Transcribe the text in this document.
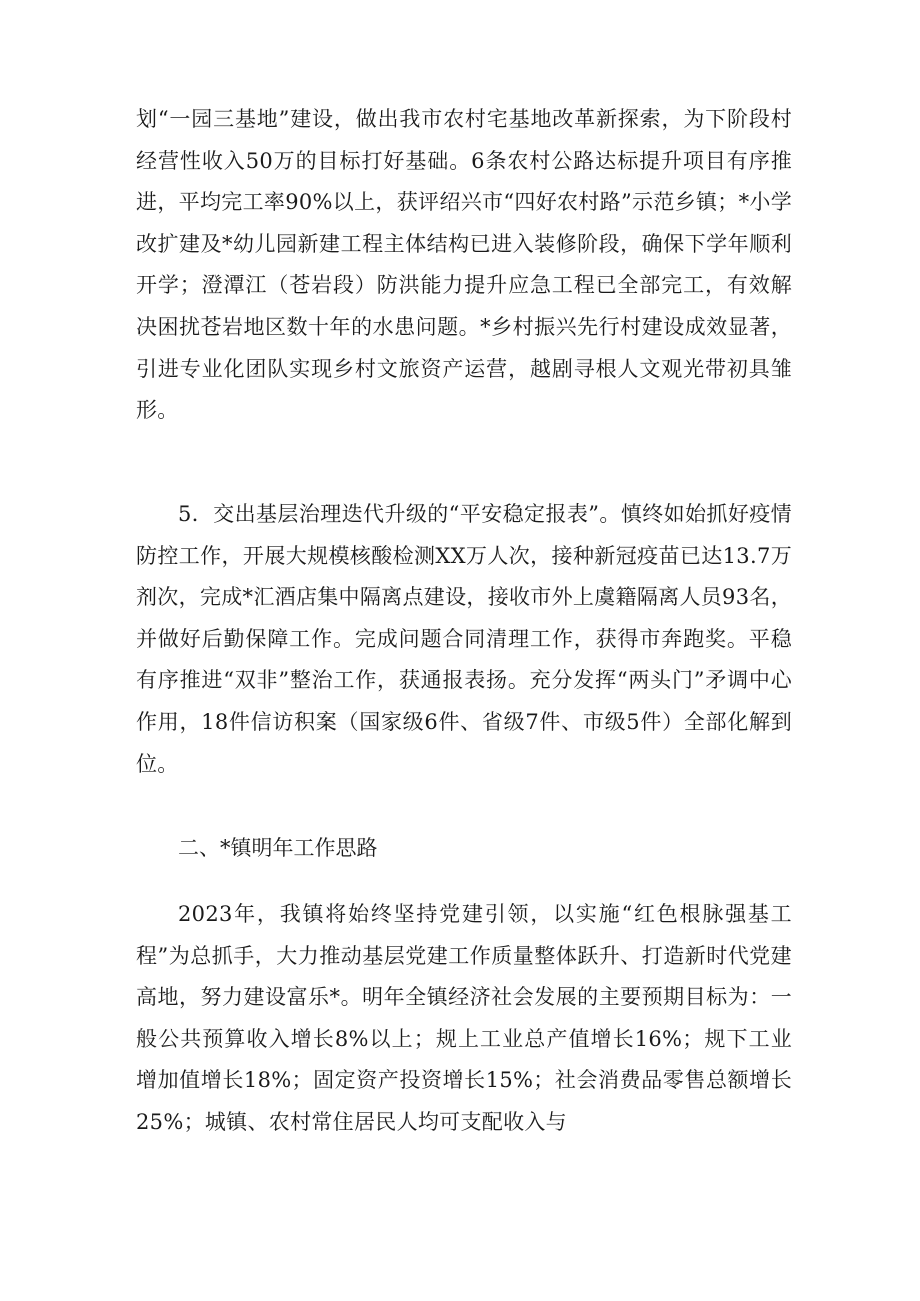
划“一园三基地”建设，做出我市农村宅基地改革新探索，为下阶段村经营性收入50万的目标打好基础。6条农村公路达标提升项目有序推进，平均完工率90%以上，获评绍兴市“四好农村路”示范乡镇；*小学改扩建及*幼儿园新建工程主体结构已进入装修阶段，确保下学年顺利开学；澄潭江（苍岩段）防洪能力提升应急工程已全部完工，有效解决困扰苍岩地区数十年的水患问题。*乡村振兴先行村建设成效显著，引进专业化团队实现乡村文旅资产运营，越剧寻根人文观光带初具雏形。

5．交出基层治理迭代升级的“平安稳定报表”。慎终如始抓好疫情防控工作，开展大规模核酸检测XX万人次，接种新冠疫苗已达13.7万剂次，完成*汇酒店集中隔离点建设，接收市外上虞籍隔离人员93名，并做好后勤保障工作。完成问题合同清理工作，获得市奔跑奖。平稳有序推进“双非”整治工作，获通报表扬。充分发挥“两头门”矛调中心作用，18件信访积案（国家级6件、省级7件、市级5件）全部化解到位。

二、*镇明年工作思路

2023年，我镇将始终坚持党建引领，以实施“红色根脉强基工程”为总抓手，大力推动基层党建工作质量整体跃升、打造新时代党建高地，努力建设富乐*。明年全镇经济社会发展的主要预期目标为：一般公共预算收入增长8%以上；规上工业总产值增长16%；规下工业增加值增长18%；固定资产投资增长15%；社会消费品零售总额增长25%；城镇、农村常住居民人均可支配收入与
